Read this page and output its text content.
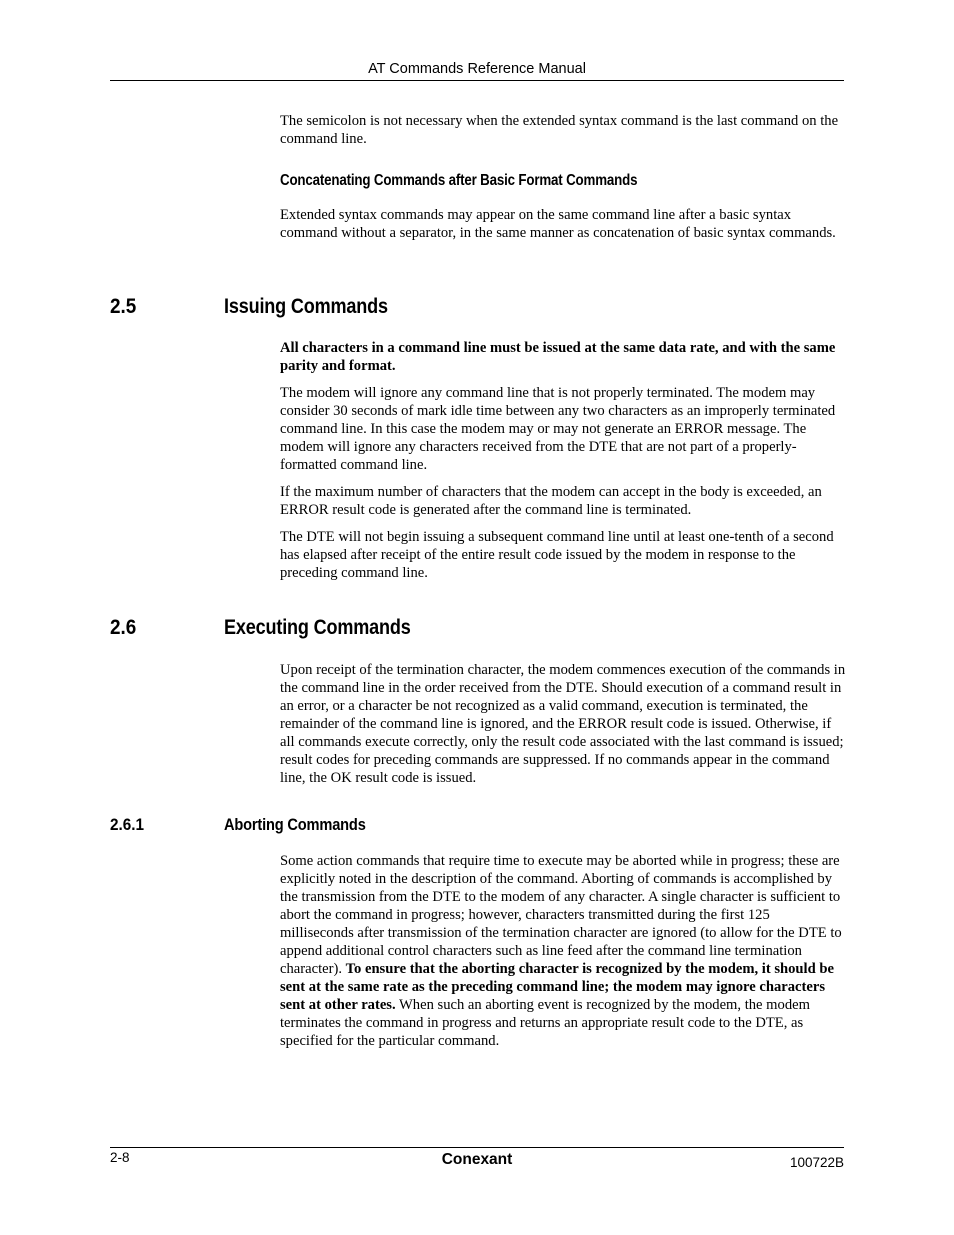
AT Commands Reference Manual

The semicolon is not necessary when the extended syntax command is the last command on the command line.

Concatenating Commands after Basic Format Commands

Extended syntax commands may appear on the same command line after a basic syntax command without a separator, in the same manner as concatenation of basic syntax commands.

2.5	Issuing Commands

All characters in a command line must be issued at the same data rate, and with the same parity and format.

The modem will ignore any command line that is not properly terminated. The modem may consider 30 seconds of mark idle time between any two characters as an improperly terminated command line. In this case the modem may or may not generate an ERROR message. The modem will ignore any characters received from the DTE that are not part of a properly-formatted command line.

If the maximum number of characters that the modem can accept in the body is exceeded, an ERROR result code is generated after the command line is terminated.

The DTE will not begin issuing a subsequent command line until at least one-tenth of a second has elapsed after receipt of the entire result code issued by the modem in response to the preceding command line.

2.6	Executing Commands

Upon receipt of the termination character, the modem commences execution of the commands in the command line in the order received from the DTE. Should execution of a command result in an error, or a character be not recognized as a valid command, execution is terminated, the remainder of the command line is ignored, and the ERROR result code is issued. Otherwise, if all commands execute correctly, only the result code associated with the last command is issued; result codes for preceding commands are suppressed. If no commands appear in the command line, the OK result code is issued.

2.6.1	Aborting Commands

Some action commands that require time to execute may be aborted while in progress; these are explicitly noted in the description of the command. Aborting of commands is accomplished by the transmission from the DTE to the modem of any character. A single character is sufficient to abort the command in progress; however, characters transmitted during the first 125 milliseconds after transmission of the termination character are ignored (to allow for the DTE to append additional control characters such as line feed after the command line termination character). To ensure that the aborting character is recognized by the modem, it should be sent at the same rate as the preceding command line; the modem may ignore characters sent at other rates. When such an aborting event is recognized by the modem, the modem terminates the command in progress and returns an appropriate result code to the DTE, as specified for the particular command.

2-8	Conexant	100722B
